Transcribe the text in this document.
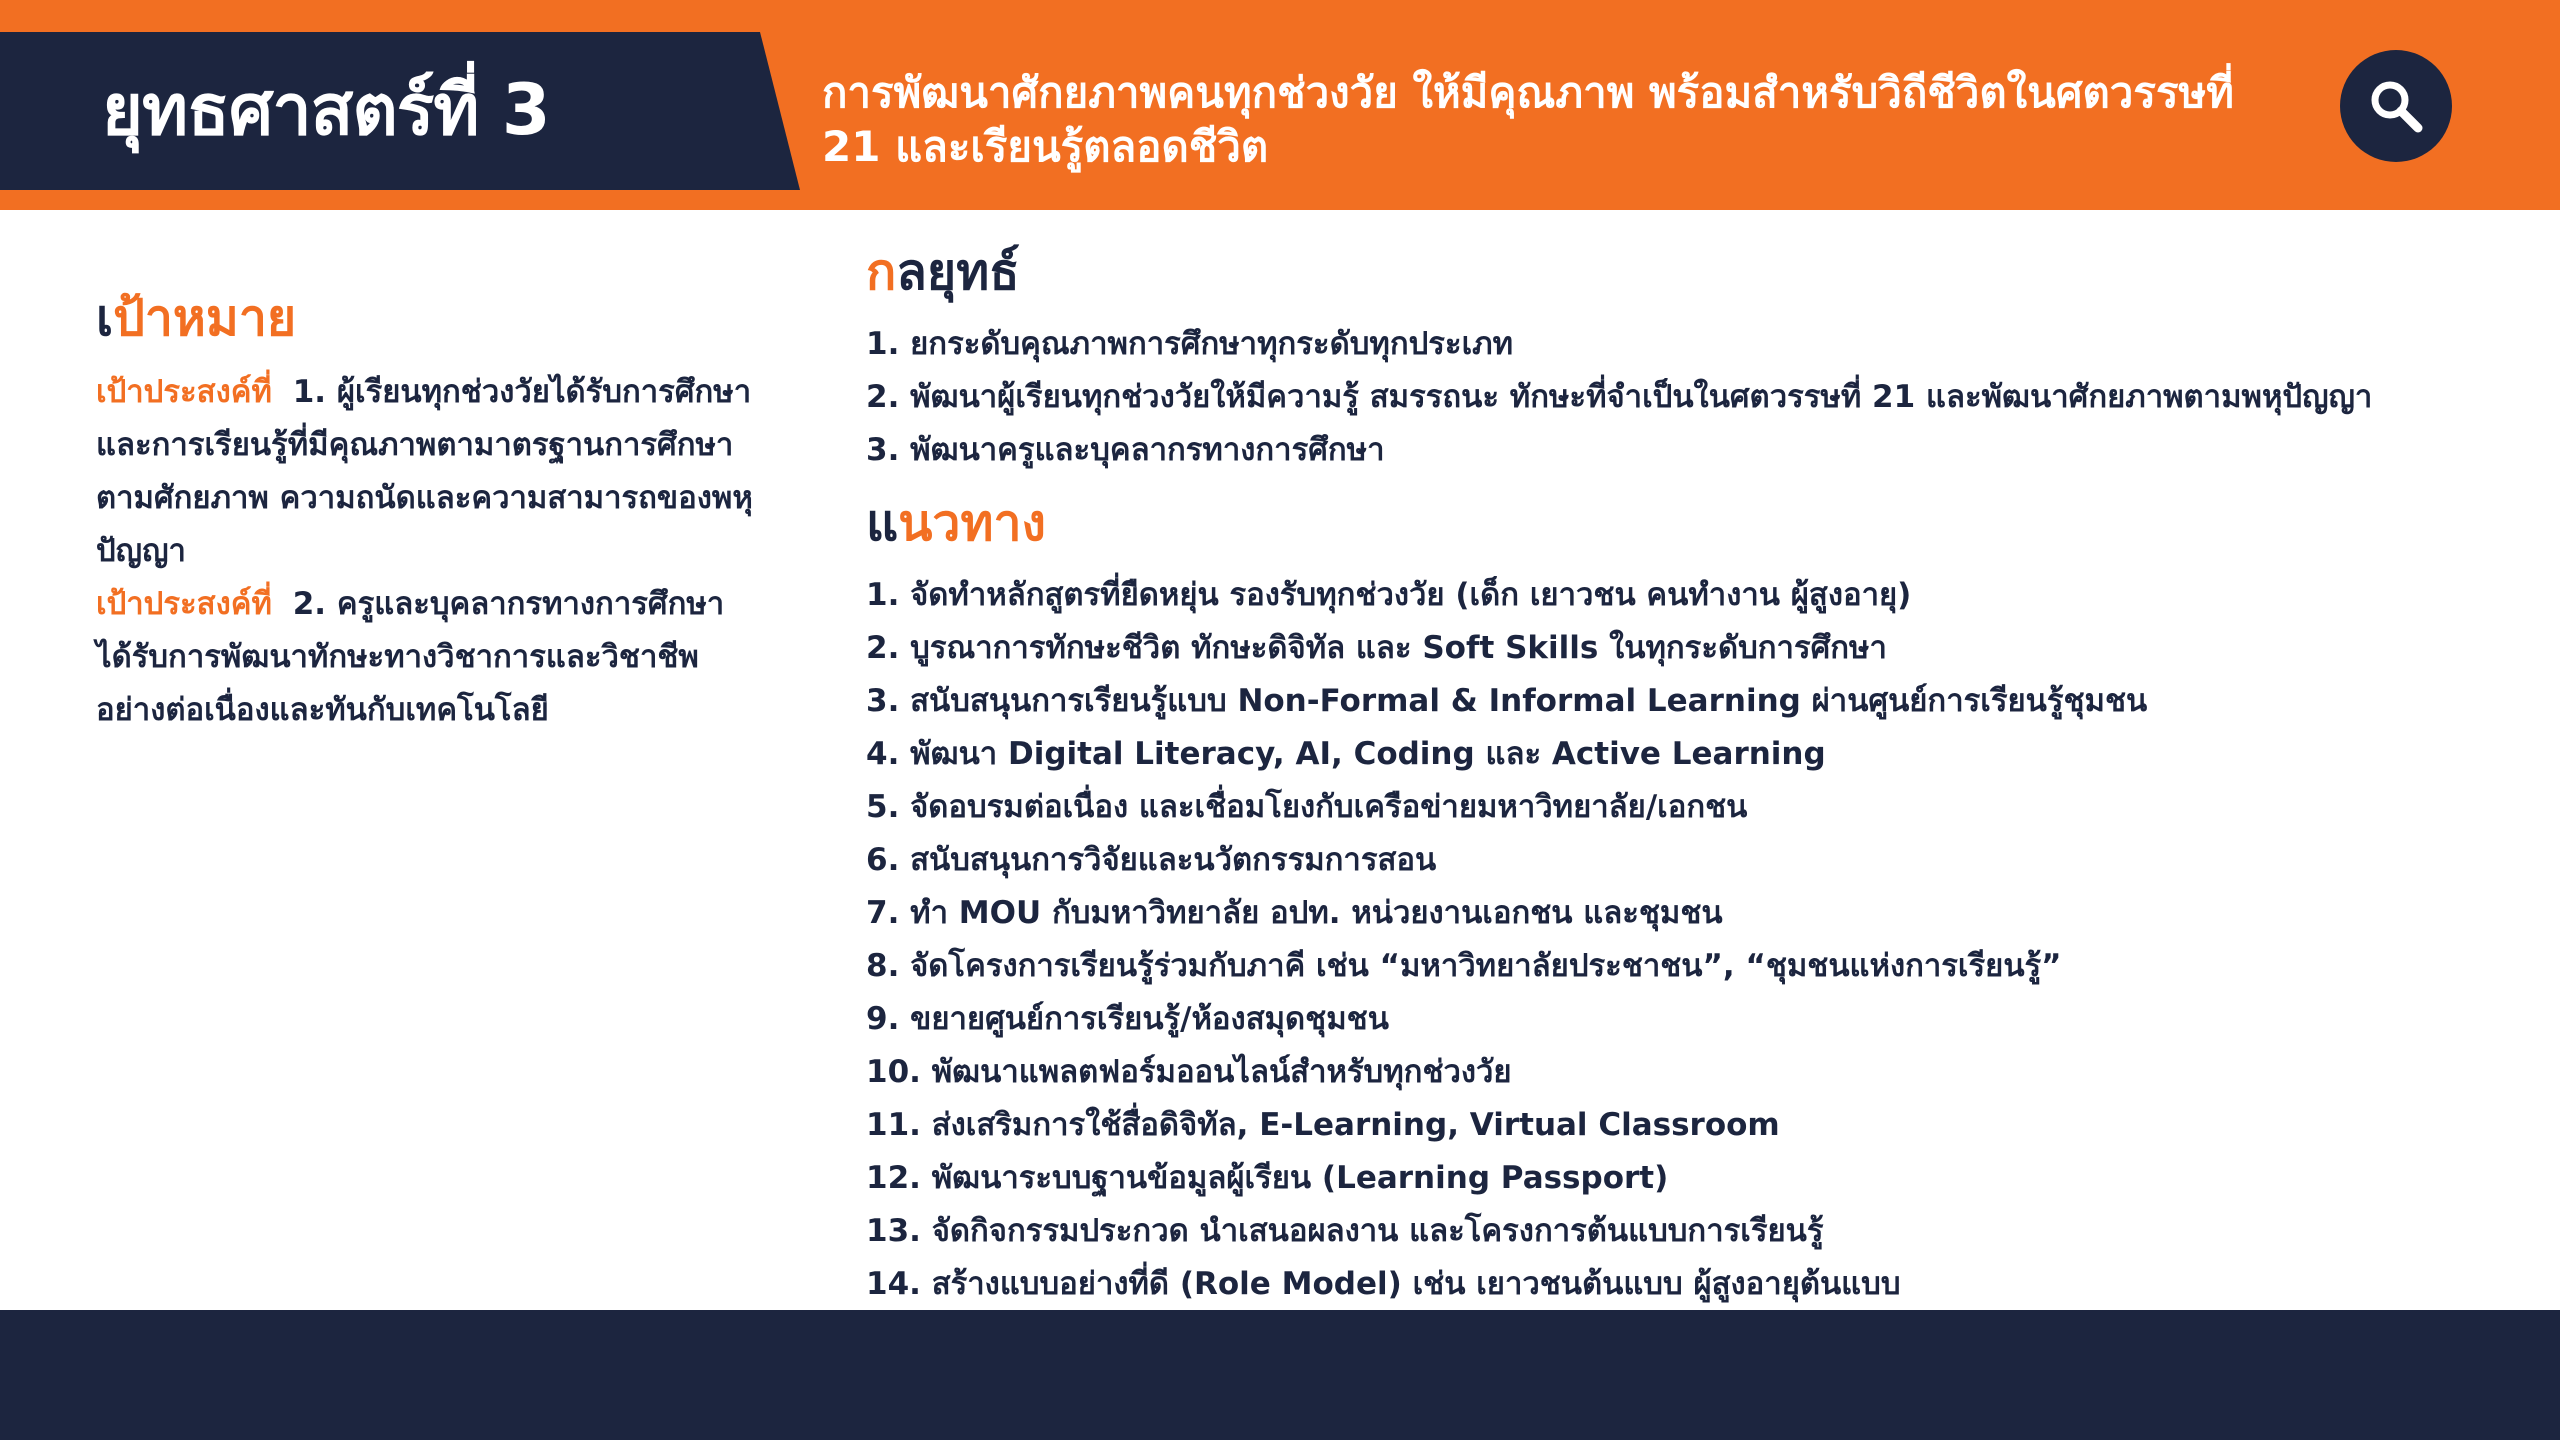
ยุทธศาสตร์ที่ 3	การพัฒนาศักยภาพคนทุกช่วงวัย ให้มีคุณภาพ พร้อมสำหรับวิถีชีวิตในศตวรรษที่ 21 และเรียนรู้ตลอดชีวิต
เป้าหมาย
เป้าประสงค์ที่ 1. ผู้เรียนทุกช่วงวัยได้รับการศึกษาและการเรียนรู้ที่มีคุณภาพตามาตรฐานการศึกษา ตามศักยภาพ ความถนัดและความสามารถของพหุปัญญา
เป้าประสงค์ที่ 2. ครูและบุคลากรทางการศึกษาได้รับการพัฒนาทักษะทางวิชาการและวิชาชีพอย่างต่อเนื่องและทันกับเทคโนโลยี
กลยุทธ์
1. ยกระดับคุณภาพการศึกษาทุกระดับทุกประเภท
2. พัฒนาผู้เรียนทุกช่วงวัยให้มีความรู้ สมรรถนะ ทักษะที่จำเป็นในศตวรรษที่ 21 และพัฒนาศักยภาพตามพหุปัญญา
3. พัฒนาครูและบุคลากรทางการศึกษา
แนวทาง
1. จัดทำหลักสูตรที่ยืดหยุ่น รองรับทุกช่วงวัย (เด็ก เยาวชน คนทำงาน ผู้สูงอายุ)
2. บูรณาการทักษะชีวิต ทักษะดิจิทัล และ Soft Skills ในทุกระดับการศึกษา
3. สนับสนุนการเรียนรู้แบบ Non-Formal & Informal Learning ผ่านศูนย์การเรียนรู้ชุมชน
4. พัฒนา Digital Literacy, AI, Coding และ Active Learning
5. จัดอบรมต่อเนื่อง และเชื่อมโยงกับเครือข่ายมหาวิทยาลัย/เอกชน
6. สนับสนุนการวิจัยและนวัตกรรมการสอน
7. ทำ MOU กับมหาวิทยาลัย อปท. หน่วยงานเอกชน และชุมชน
8. จัดโครงการเรียนรู้ร่วมกับภาคี เช่น “มหาวิทยาลัยประชาชน”, “ชุมชนแห่งการเรียนรู้”
9. ขยายศูนย์การเรียนรู้/ห้องสมุดชุมชน
10. พัฒนาแพลตฟอร์มออนไลน์สำหรับทุกช่วงวัย
11. ส่งเสริมการใช้สื่อดิจิทัล, E-Learning, Virtual Classroom
12. พัฒนาระบบฐานข้อมูลผู้เรียน (Learning Passport)
13. จัดกิจกรรมประกวด นำเสนอผลงาน และโครงการต้นแบบการเรียนรู้
14. สร้างแบบอย่างที่ดี (Role Model) เช่น เยาวชนต้นแบบ ผู้สูงอายุต้นแบบ
